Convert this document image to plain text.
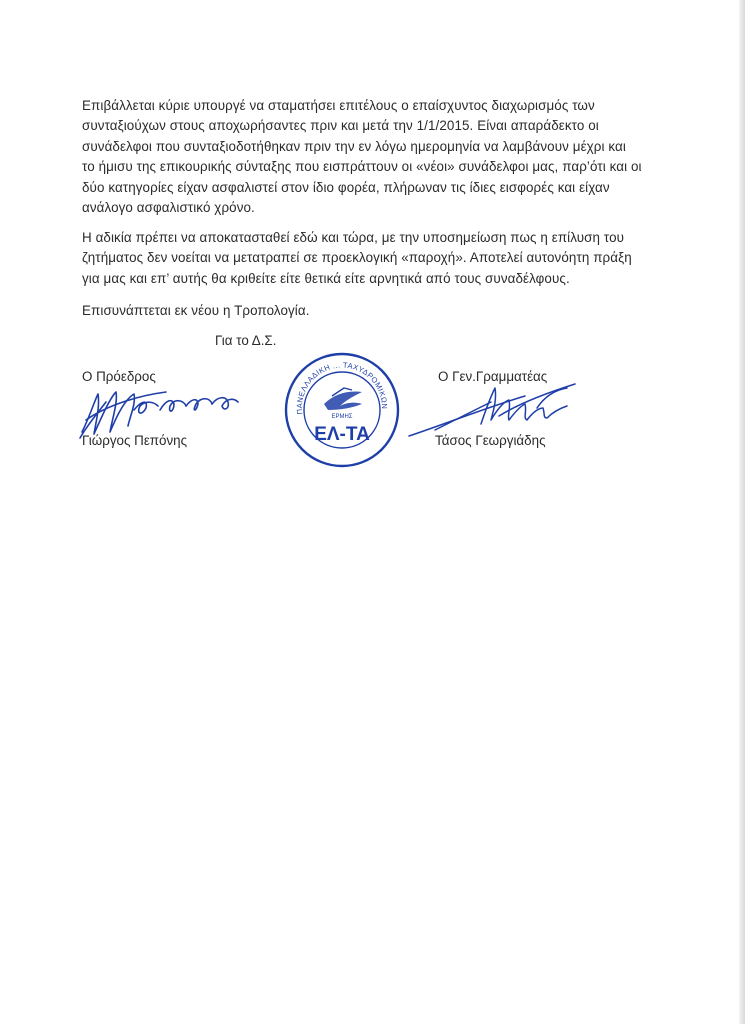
Επιβάλλεται κύριε υπουργέ να σταματήσει επιτέλους ο επαίσχυντος διαχωρισμός των συνταξιούχων στους αποχωρήσαντες πριν και μετά την 1/1/2015. Είναι απαράδεκτο οι συνάδελφοι που συνταξιοδοτήθηκαν πριν την εν λόγω ημερομηνία να λαμβάνουν μέχρι και το ήμισυ της επικουρικής σύνταξης που εισπράττουν οι «νέοι» συνάδελφοι μας, παρ’ότι και οι δύο κατηγορίες είχαν ασφαλιστεί στον ίδιο φορέα, πλήρωναν τις ίδιες εισφορές και είχαν ανάλογο ασφαλιστικό χρόνο.

Η αδικία πρέπει να αποκατασταθεί εδώ και τώρα, με την υποσημείωση πως η επίλυση του ζητήματος δεν νοείται να μετατραπεί σε προεκλογική «παροχή». Αποτελεί αυτονόητη πράξη για μας και επ’ αυτής θα κριθείτε είτε θετικά είτε αρνητικά από τους συναδέλφους.

Επισυνάπτεται εκ νέου η Τροπολογία.

Για το Δ.Σ.
Ο Πρόεδρος
Γιώργος Πεπόνης
Ο Γεν.Γραμματέας
Τάσος Γεωργιάδης
ΠΑΝΕΛΛΑΔΙΚΗ ... ΤΑΧΥΔΡΟΜΙΚΩΝ
ΕΡΜΗΣ
ΕΛ-ΤΑ
